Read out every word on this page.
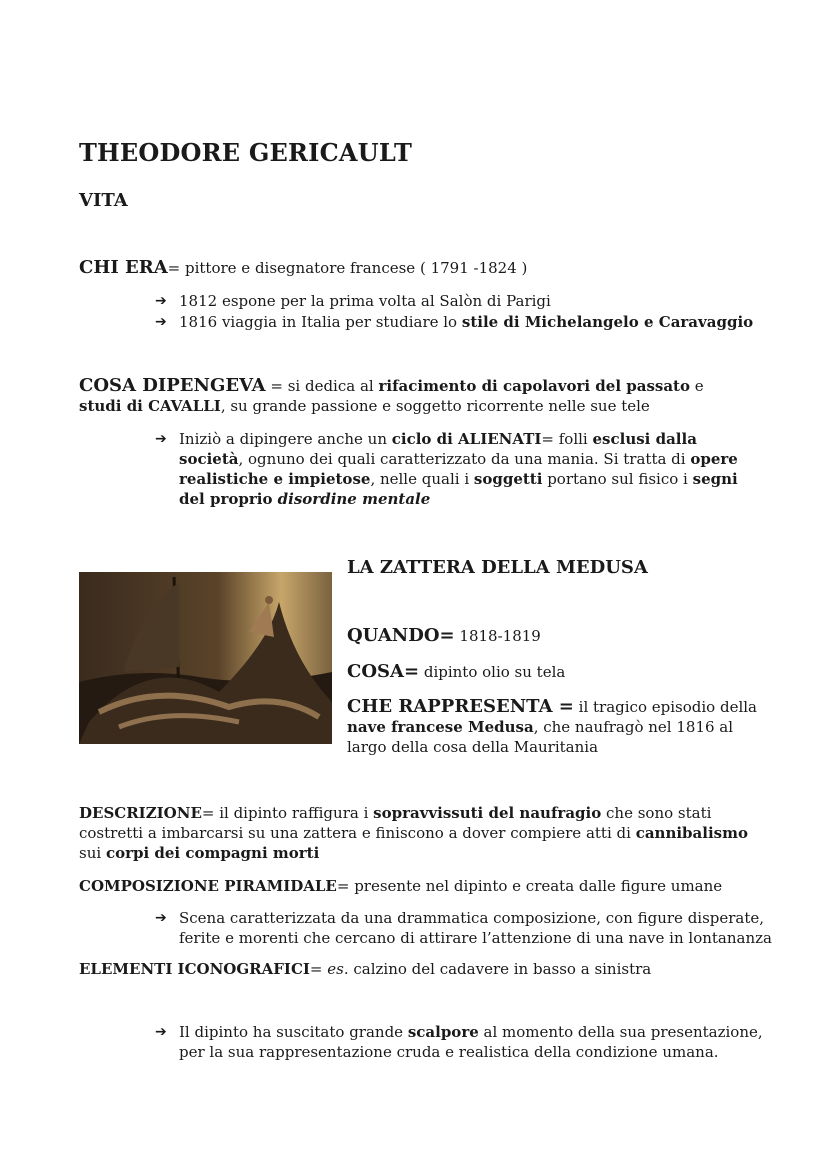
THEODORE GERICAULT
VITA
CHI ERA= pittore e disegnatore francese ( 1791 -1824 )
➔ 1812 espone per la prima volta al Salòn di Parigi
➔ 1816 viaggia in Italia per studiare lo stile di Michelangelo e Caravaggio
COSA DIPENGEVA = si dedica al rifacimento di capolavori del passato e
studi di CAVALLI, su grande passione e soggetto ricorrente nelle sue tele
➔ Iniziò a dipingere anche un ciclo di ALIENATI= folli esclusi dalla
società, ognuno dei quali caratterizzato da una mania. Si tratta di opere
realistiche e impietose, nelle quali i soggetti portano sul fisico i segni
del proprio disordine mentale
LA ZATTERA DELLA MEDUSA
QUANDO= 1818-1819
COSA= dipinto olio su tela
CHE RAPPRESENTA = il tragico episodio della
nave francese Medusa, che naufragò nel 1816 al
largo della cosa della Mauritania
DESCRIZIONE= il dipinto raffigura i sopravvissuti del naufragio che sono stati
costretti a imbarcarsi su una zattera e finiscono a dover compiere atti di cannibalismo
sui corpi dei compagni morti
COMPOSIZIONE PIRAMIDALE= presente nel dipinto e creata dalle figure umane
➔ Scena caratterizzata da una drammatica composizione, con figure disperate,
ferite e morenti che cercano di attirare l’attenzione di una nave in lontananza
ELEMENTI ICONOGRAFICI= es. calzino del cadavere in basso a sinistra
➔ Il dipinto ha suscitato grande scalpore al momento della sua presentazione,
per la sua rappresentazione cruda e realistica della condizione umana.
